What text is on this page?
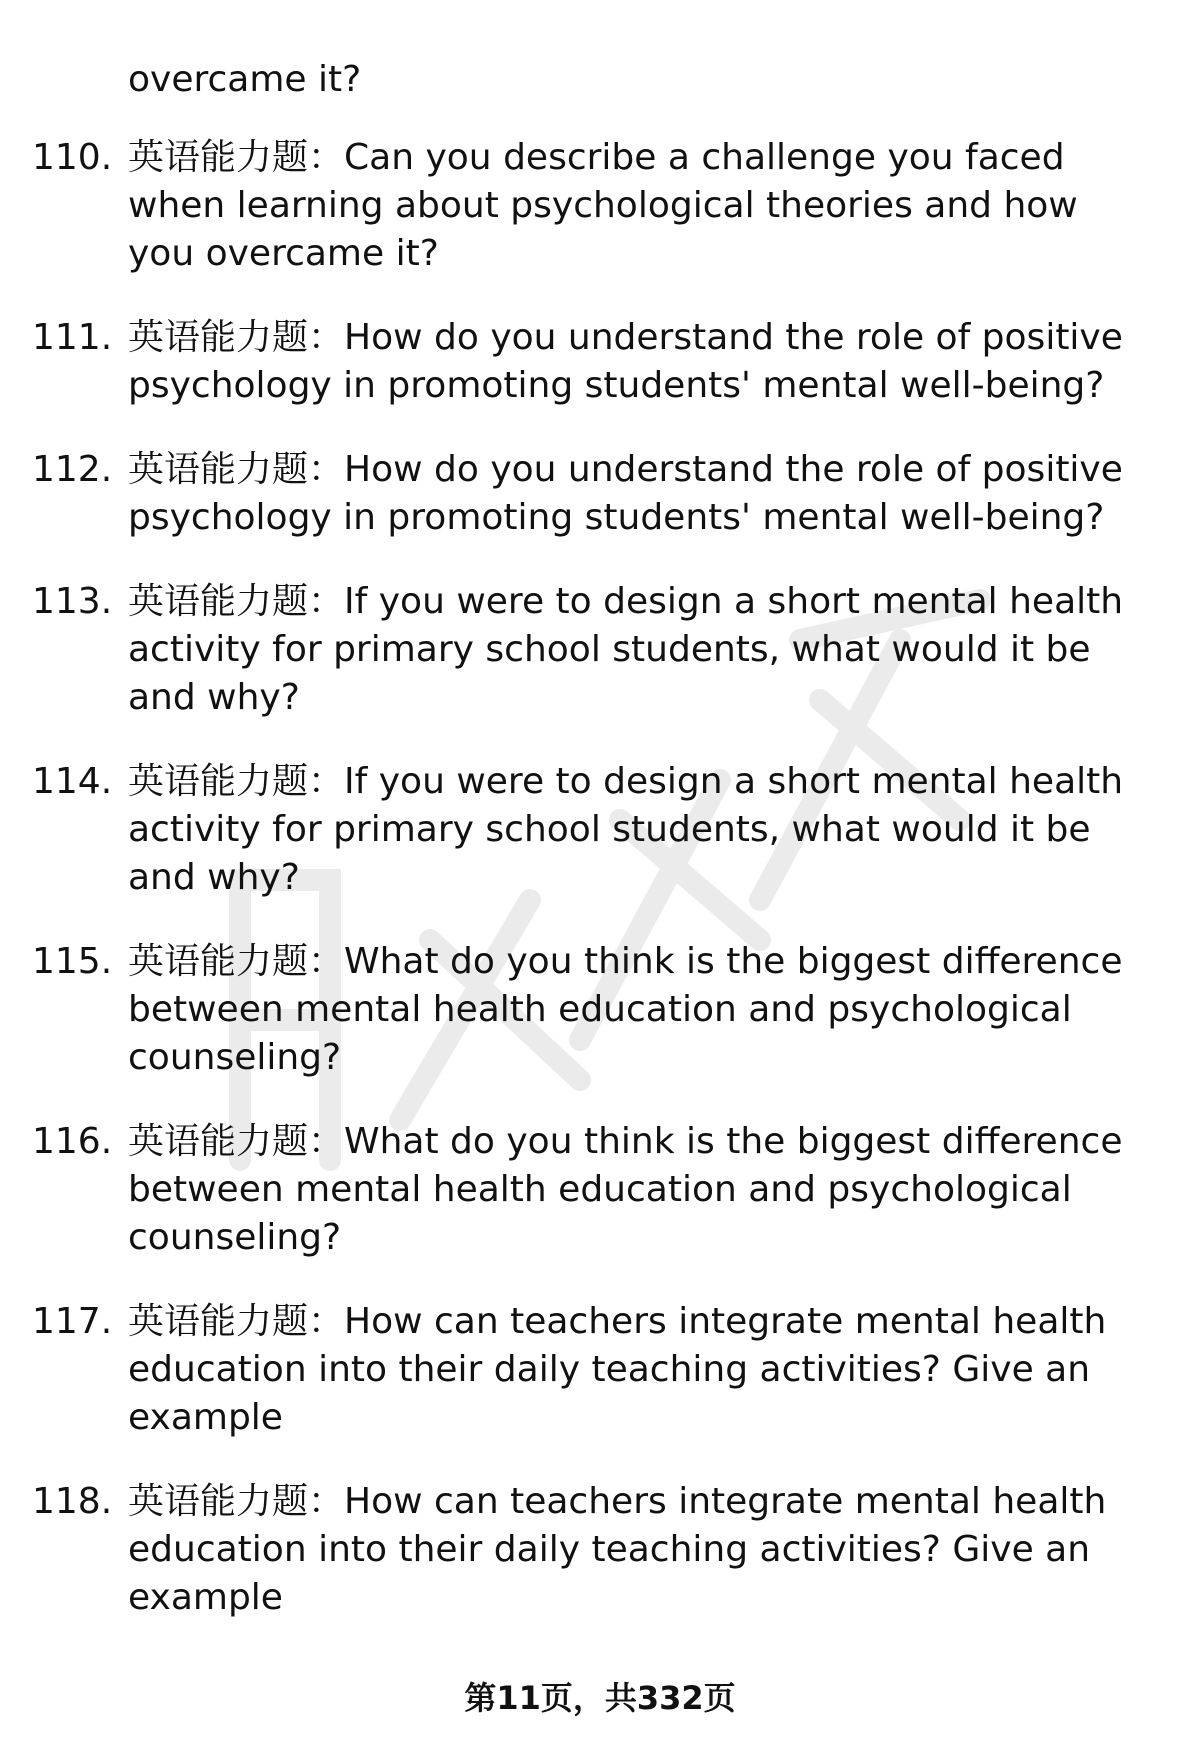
overcame it?
110. 英语能力题：Can you describe a challenge you faced when learning about psychological theories and how you overcame it?
111. 英语能力题：How do you understand the role of positive psychology in promoting students' mental well-being?
112. 英语能力题：How do you understand the role of positive psychology in promoting students' mental well-being?
113. 英语能力题：If you were to design a short mental health activity for primary school students, what would it be and why?
114. 英语能力题：If you were to design a short mental health activity for primary school students, what would it be and why?
115. 英语能力题：What do you think is the biggest difference between mental health education and psychological counseling?
116. 英语能力题：What do you think is the biggest difference between mental health education and psychological counseling?
117. 英语能力题：How can teachers integrate mental health education into their daily teaching activities? Give an example
118. 英语能力题：How can teachers integrate mental health education into their daily teaching activities? Give an example
第11页，共332页
